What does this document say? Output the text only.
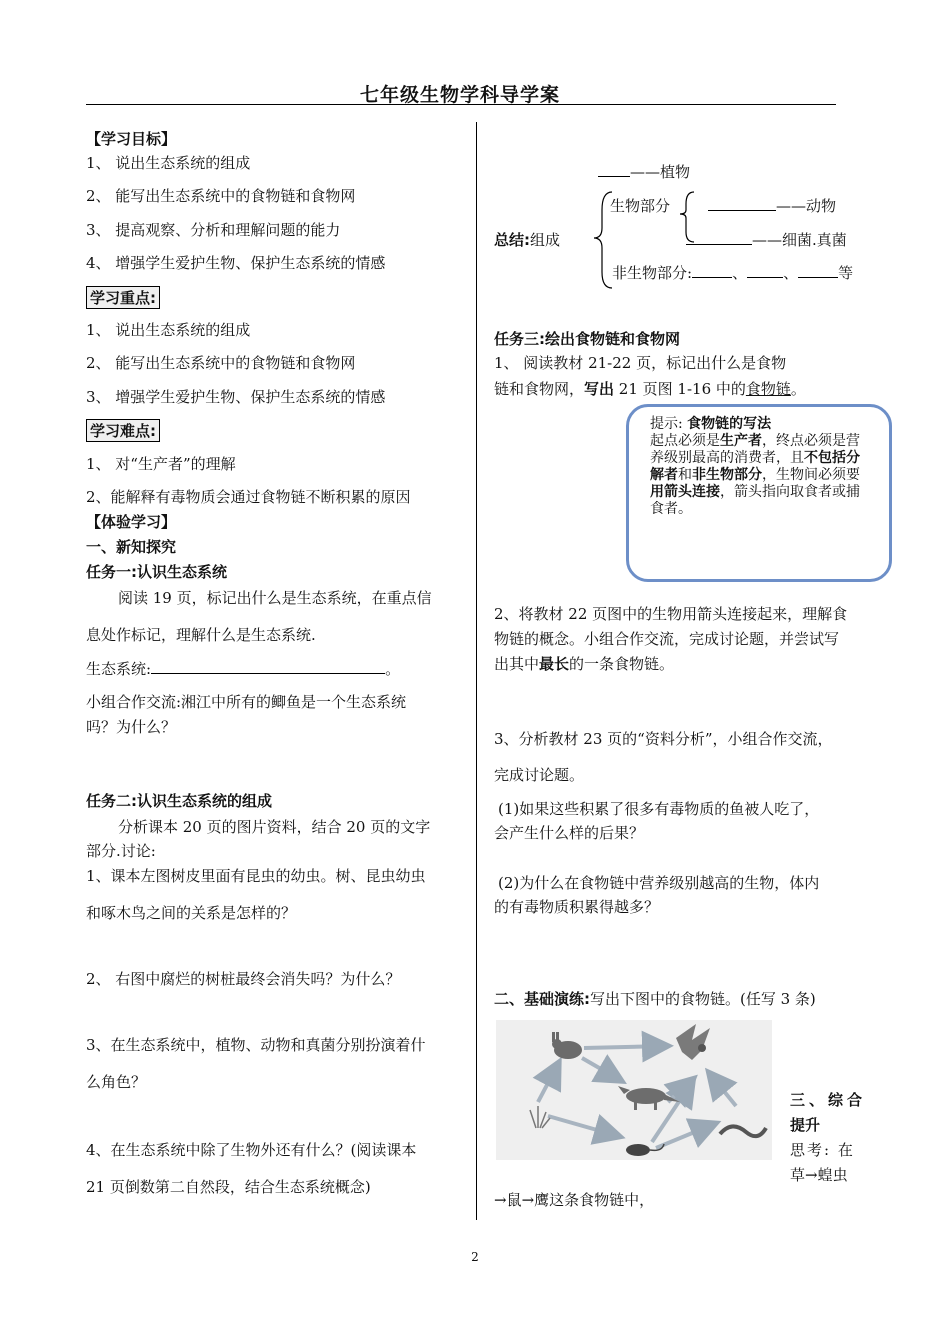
七年级生物学科导学案
【学习目标】
1、 说出生态系统的组成
2、 能写出生态系统中的食物链和食物网
3、 提高观察、分析和理解问题的能力
4、 增强学生爱护生物、保护生态系统的情感
学习重点:
1、 说出生态系统的组成
2、 能写出生态系统中的食物链和食物网
3、 增强学生爱护生物、保护生态系统的情感
学习难点:
1、 对“生产者”的理解
2、能解释有毒物质会通过食物链不断积累的原因
【体验学习】
一、新知探究
任务一:认识生态系统
阅读 19 页，标记出什么是生态系统，在重点信
息处作标记，理解什么是生态系统.
生态系统:	。
小组合作交流:湘江中所有的鲫鱼是一个生态系统
吗？为什么？
任务二:认识生态系统的组成
分析课本 20 页的图片资料，结合 20 页的文字
部分.讨论:
1、课本左图树皮里面有昆虫的幼虫。树、昆虫幼虫
和啄木鸟之间的关系是怎样的？
2、 右图中腐烂的树桩最终会消失吗？为什么？
3、在生态系统中，植物、动物和真菌分别扮演着什
么角色？
4、在生态系统中除了生物外还有什么？(阅读课本
21 页倒数第二自然段，结合生态系统概念)
——植物
生物部分	——动物
总结:组成	——细菌.真菌
非生物部分:	、 、	等
任务三:绘出食物链和食物网
1、 阅读教材 21-22 页，标记出什么是食物
链和食物网，写出 21 页图 1-16 中的食物链。
提示: 食物链的写法
起点必须是生产者，终点必须是营养级别最高的消费者，且不包括分解者和非生物部分，生物间必须要用箭头连接，箭头指向取食者或捕食者。
2、将教材 22 页图中的生物用箭头连接起来，理解食
物链的概念。小组合作交流，完成讨论题，并尝试写
出其中最长的一条食物链。
3、分析教材 23 页的“资料分析”，小组合作交流，
完成讨论题。
(1)如果这些积累了很多有毒物质的鱼被人吃了，
会产生什么样的后果？
(2)为什么在食物链中营养级别越高的生物，体内
的有毒物质积累得越多？
二、基础演练:写出下图中的食物链。(任写 3 条)
三、综合
提升
思考: 在
草→蝗虫
→鼠→鹰这条食物链中，
2
